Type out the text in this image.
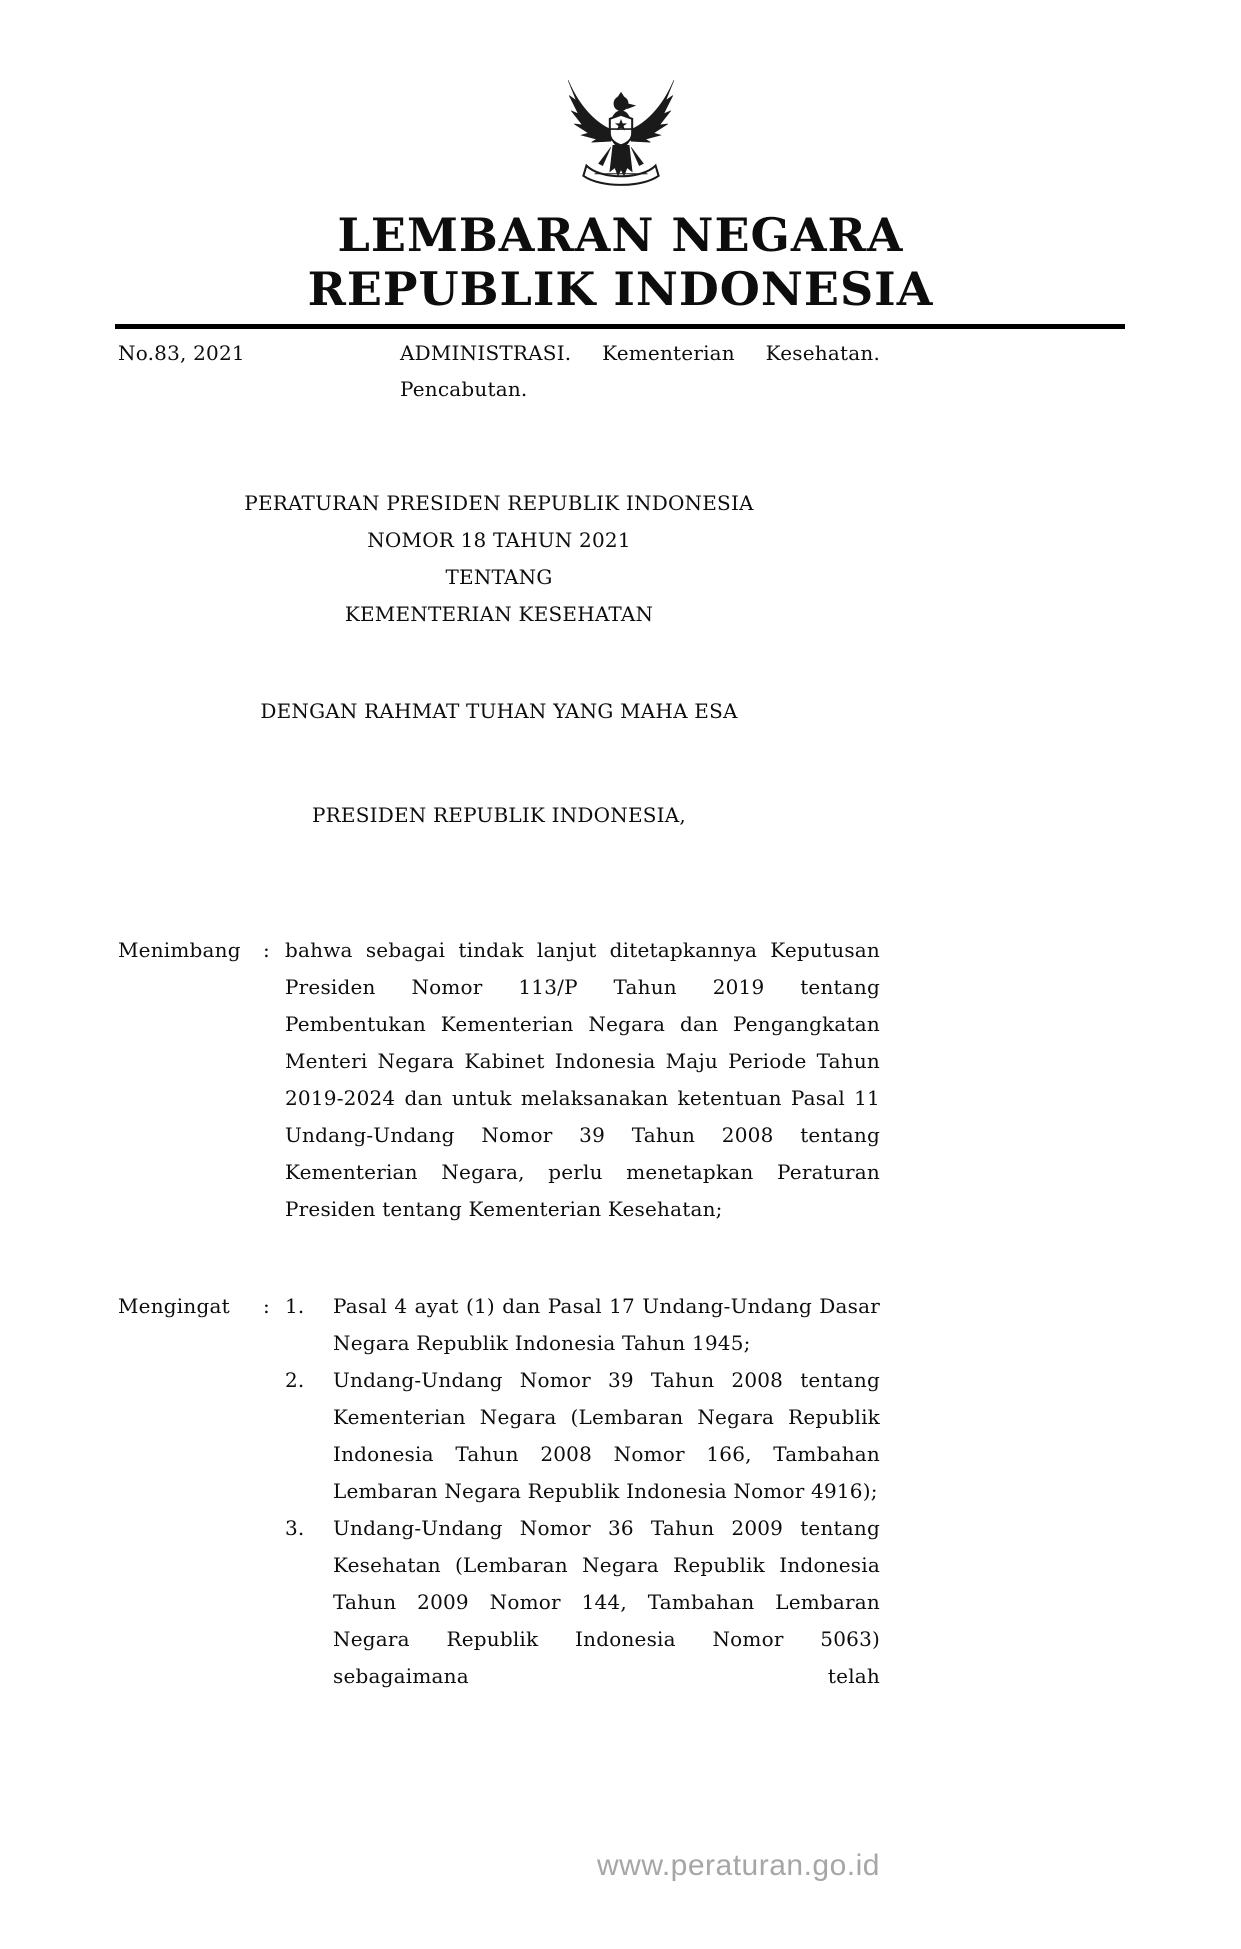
LEMBARAN NEGARA
REPUBLIK INDONESIA
No.83, 2021	ADMINISTRASI. Kementerian Kesehatan.
Pencabutan.
PERATURAN PRESIDEN REPUBLIK INDONESIA
NOMOR 18 TAHUN 2021
TENTANG
KEMENTERIAN KESEHATAN
DENGAN RAHMAT TUHAN YANG MAHA ESA
PRESIDEN REPUBLIK INDONESIA,
Menimbang	: bahwa sebagai tindak lanjut ditetapkannya Keputusan Presiden Nomor 113/P Tahun 2019 tentang Pembentukan Kementerian Negara dan Pengangkatan Menteri Negara Kabinet Indonesia Maju Periode Tahun 2019-2024 dan untuk melaksanakan ketentuan Pasal 11 Undang-Undang Nomor 39 Tahun 2008 tentang Kementerian Negara, perlu menetapkan Peraturan Presiden tentang Kementerian Kesehatan;
Mengingat	: 1.	Pasal 4 ayat (1) dan Pasal 17 Undang-Undang Dasar Negara Republik Indonesia Tahun 1945;
2.	Undang-Undang Nomor 39 Tahun 2008 tentang Kementerian Negara (Lembaran Negara Republik Indonesia Tahun 2008 Nomor 166, Tambahan Lembaran Negara Republik Indonesia Nomor 4916);
3.	Undang-Undang Nomor 36 Tahun 2009 tentang Kesehatan (Lembaran Negara Republik Indonesia Tahun 2009 Nomor 144, Tambahan Lembaran Negara Republik Indonesia Nomor 5063) sebagaimana telah
www.peraturan.go.id
